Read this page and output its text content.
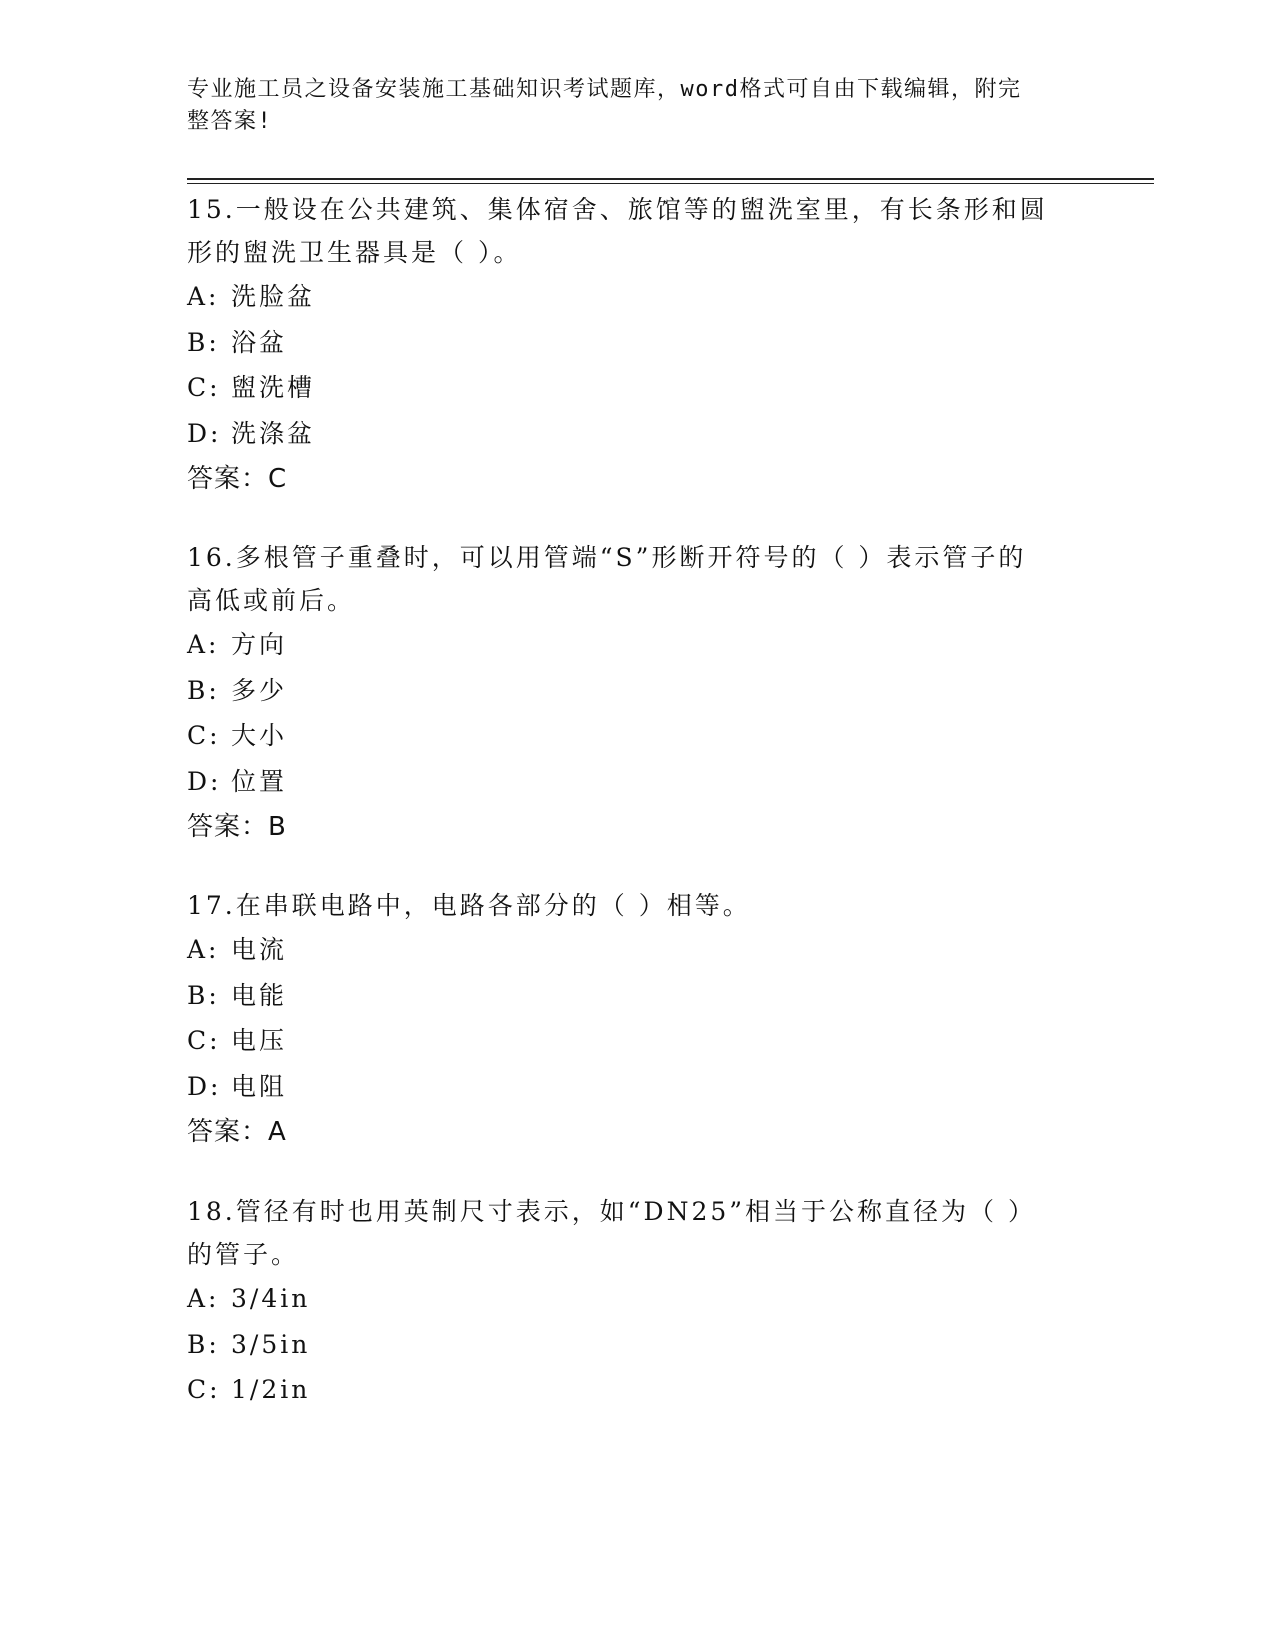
专业施工员之设备安装施工基础知识考试题库，word格式可自由下载编辑，附完
整答案!
15.一般设在公共建筑、集体宿舍、旅馆等的盥洗室里，有长条形和圆
形的盥洗卫生器具是（ ）。
A: 洗脸盆
B: 浴盆
C: 盥洗槽
D: 洗涤盆
答案：C
16.多根管子重叠时，可以用管端“S”形断开符号的（ ）表示管子的
高低或前后。
A: 方向
B: 多少
C: 大小
D: 位置
答案：B
17.在串联电路中，电路各部分的（ ）相等。
A: 电流
B: 电能
C: 电压
D: 电阻
答案：A
18.管径有时也用英制尺寸表示，如“DN25”相当于公称直径为（ ）
的管子。
A: 3/4in
B: 3/5in
C: 1/2in
